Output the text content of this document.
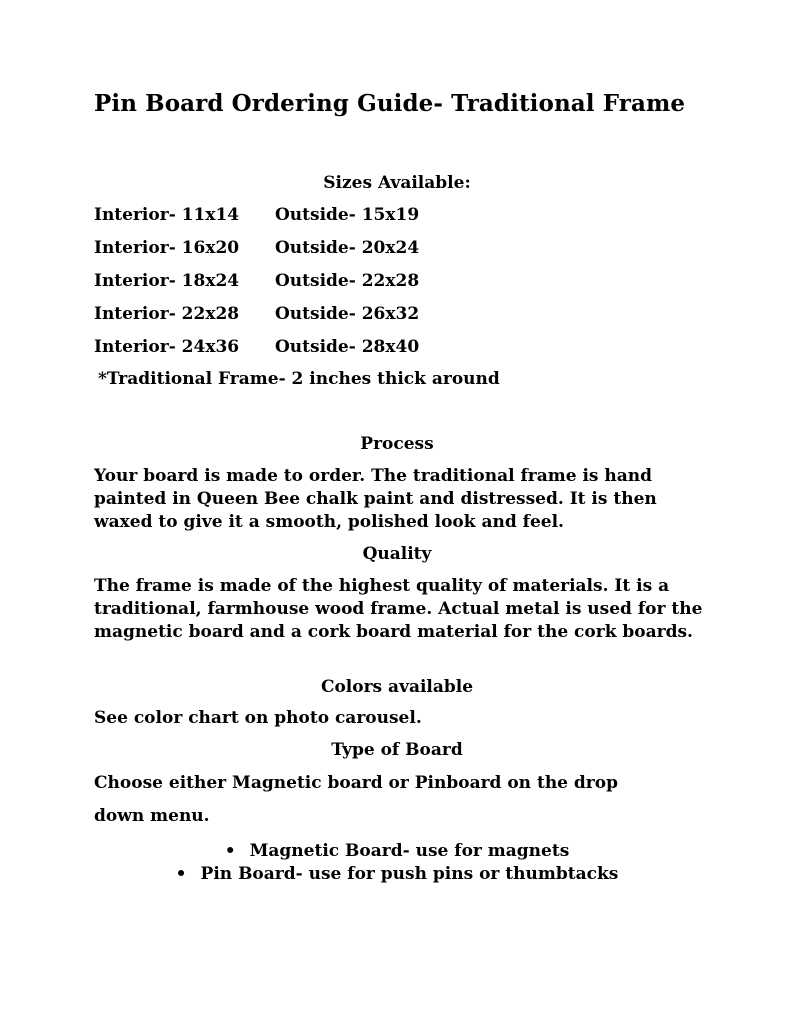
Pin Board Ordering Guide- Traditional Frame
Sizes Available:
Interior- 11x14 Outside- 15x19
Interior- 16x20 Outside- 20x24
Interior- 18x24 Outside- 22x28
Interior- 22x28 Outside- 26x32
Interior- 24x36 Outside- 28x40
*Traditional Frame- 2 inches thick around
Process
Your board is made to order. The traditional frame is hand painted in Queen Bee chalk paint and distressed. It is then waxed to give it a smooth, polished look and feel.
Quality
The frame is made of the highest quality of materials. It is a traditional, farmhouse wood frame. Actual metal is used for the magnetic board and a cork board material for the cork boards.
Colors available
See color chart on photo carousel.
Type of Board
Choose either Magnetic board or Pinboard on the drop
down menu.
• Magnetic Board- use for magnets
• Pin Board- use for push pins or thumbtacks
